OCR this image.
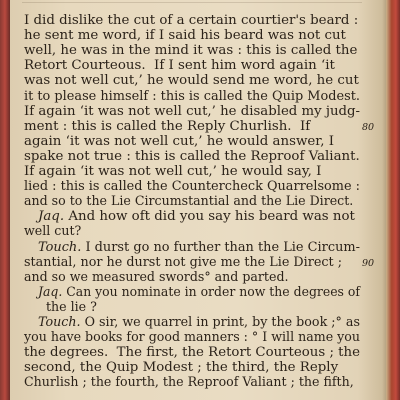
I did dislike the cut of a certain courtier's beard :
he sent me word, if I said his beard was not cut
well, he was in the mind it was : this is called the
Retort Courteous.  If I sent him word again ‘it
was not well cut,’ he would send me word, he cut
it to please himself : this is called the Quip Modest.
If again ‘it was not well cut,’ he disabled my judg-
ment : this is called the Reply Churlish.  If
again ‘it was not well cut,’ he would answer, I
spake not true : this is called the Reproof Valiant.
If again ‘it was not well cut,’ he would say, I
lied : this is called the Countercheck Quarrelsome :
and so to the Lie Circumstantial and the Lie Direct.
Jaq. And how oft did you say his beard was not
well cut?
Touch. I durst go no further than the Lie Circum-
stantial, nor he durst not give me the Lie Direct ;
and so we measured swords° and parted.
Jaq. Can you nominate in order now the degrees of
the lie ?
Touch. O sir, we quarrel in print, by the book ;° as
you have books for good manners : ° I will name you
the degrees.  The first, the Retort Courteous ; the
second, the Quip Modest ; the third, the Reply
Churlish ; the fourth, the Reproof Valiant ; the fifth,
80
90
